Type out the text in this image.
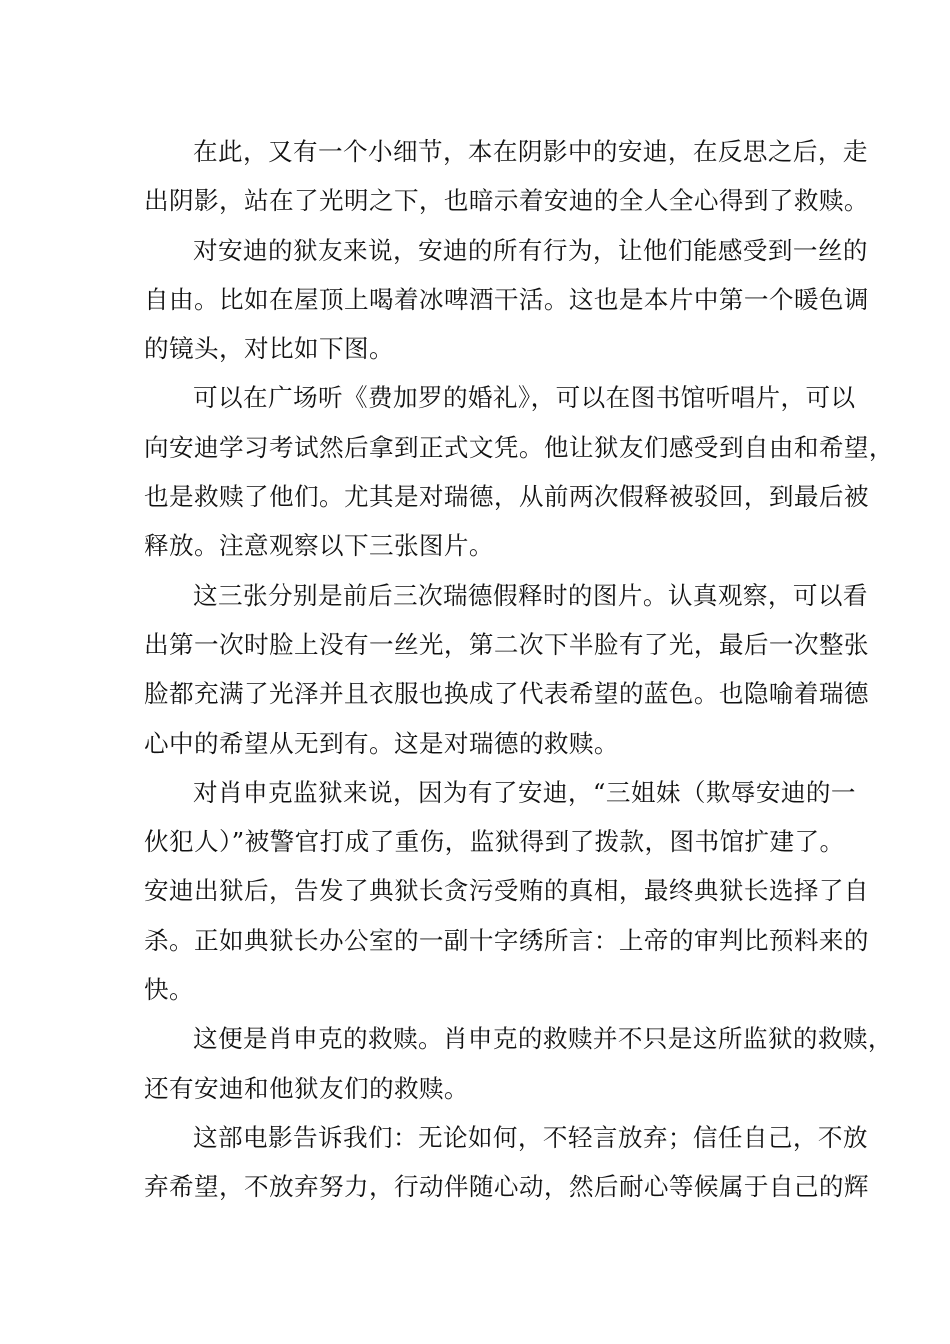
在此，又有一个小细节，本在阴影中的安迪，在反思之后，走
出阴影，站在了光明之下，也暗示着安迪的全人全心得到了救赎。
对安迪的狱友来说，安迪的所有行为，让他们能感受到一丝的
自由。比如在屋顶上喝着冰啤酒干活。这也是本片中第一个暖色调
的镜头，对比如下图。
可以在广场听《费加罗的婚礼》，可以在图书馆听唱片，可以
向安迪学习考试然后拿到正式文凭。他让狱友们感受到自由和希望，
也是救赎了他们。尤其是对瑞德，从前两次假释被驳回，到最后被
释放。注意观察以下三张图片。
这三张分别是前后三次瑞德假释时的图片。认真观察，可以看
出第一次时脸上没有一丝光，第二次下半脸有了光，最后一次整张
脸都充满了光泽并且衣服也换成了代表希望的蓝色。也隐喻着瑞德
心中的希望从无到有。这是对瑞德的救赎。
对肖申克监狱来说，因为有了安迪，“三姐妹（欺辱安迪的一
伙犯人）”被警官打成了重伤，监狱得到了拨款，图书馆扩建了。
安迪出狱后，告发了典狱长贪污受贿的真相，最终典狱长选择了自
杀。正如典狱长办公室的一副十字绣所言：上帝的审判比预料来的
快。
这便是肖申克的救赎。肖申克的救赎并不只是这所监狱的救赎，
还有安迪和他狱友们的救赎。
这部电影告诉我们：无论如何，不轻言放弃；信任自己，不放
弃希望，不放弃努力，行动伴随心动，然后耐心等候属于自己的辉
